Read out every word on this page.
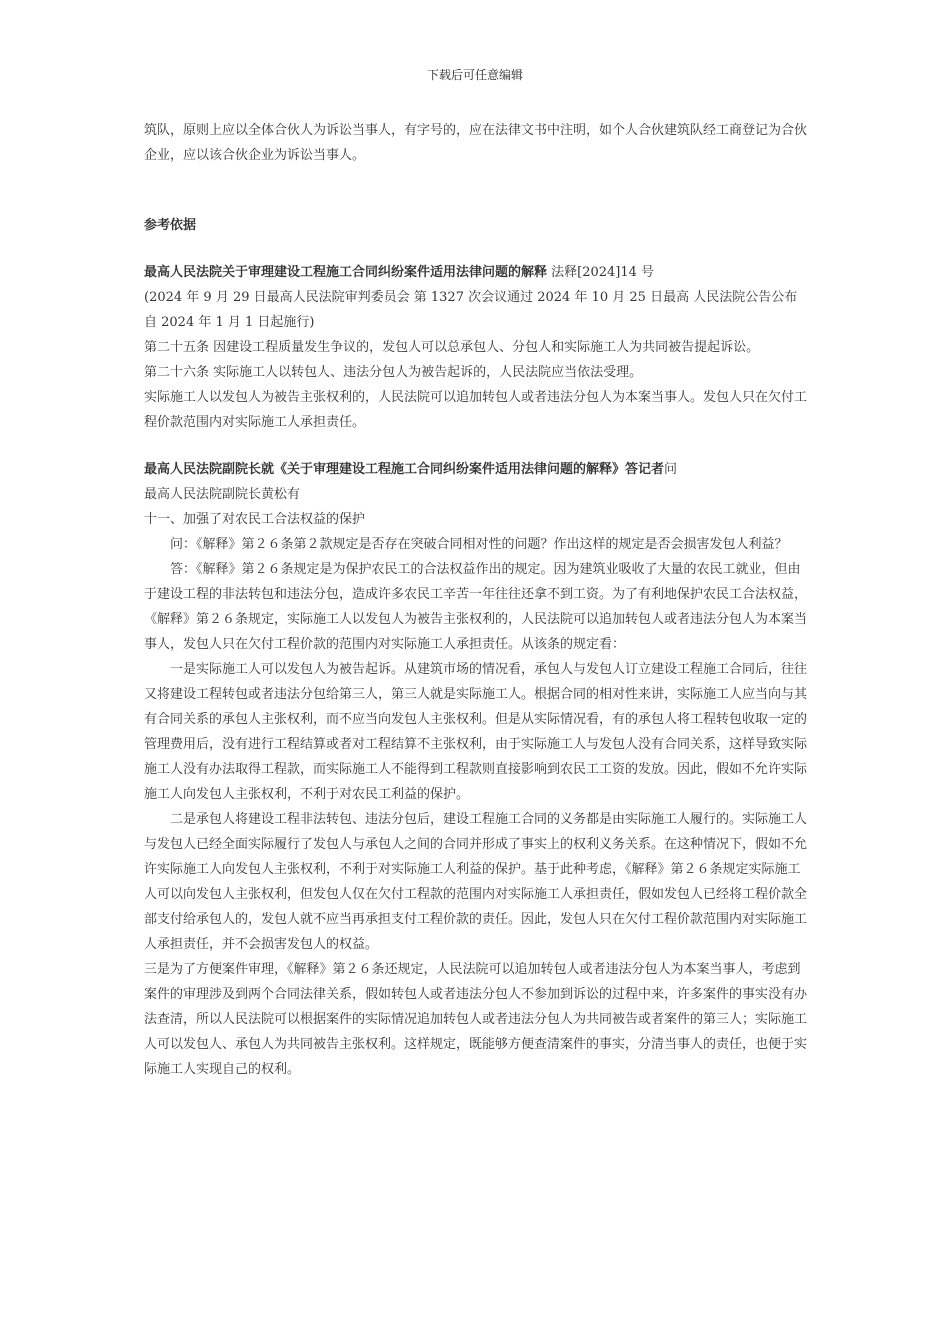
下载后可任意编辑

筑队，原则上应以全体合伙人为诉讼当事人，有字号的，应在法律文书中注明，如个人合伙建筑队经工商登记为合伙企业，应以该合伙企业为诉讼当事人。

参考依据

最高人民法院关于审理建设工程施工合同纠纷案件适用法律问题的解释 法释[2024]14 号

(2024 年 9 月 29 日最高人民法院审判委员会 第 1327 次会议通过 2024 年 10 月 25 日最高 人民法院公告公布 自 2024 年 1 月 1 日起施行)

第二十五条 因建设工程质量发生争议的，发包人可以总承包人、分包人和实际施工人为共同被告提起诉讼。

第二十六条 实际施工人以转包人、违法分包人为被告起诉的，人民法院应当依法受理。

实际施工人以发包人为被告主张权利的，人民法院可以追加转包人或者违法分包人为本案当事人。发包人只在欠付工程价款范围内对实际施工人承担责任。

最高人民法院副院长就《关于审理建设工程施工合同纠纷案件适用法律问题的解释》答记者问

最高人民法院副院长黄松有

十一、加强了对农民工合法权益的保护

问：《解释》第２６条第２款规定是否存在突破合同相对性的问题？作出这样的规定是否会损害发包人利益？

答：《解释》第２６条规定是为保护农民工的合法权益作出的规定。因为建筑业吸收了大量的农民工就业，但由于建设工程的非法转包和违法分包，造成许多农民工辛苦一年往往还拿不到工资。为了有利地保护农民工合法权益，《解释》第２６条规定，实际施工人以发包人为被告主张权利的，人民法院可以追加转包人或者违法分包人为本案当事人，发包人只在欠付工程价款的范围内对实际施工人承担责任。从该条的规定看：

一是实际施工人可以发包人为被告起诉。从建筑市场的情况看，承包人与发包人订立建设工程施工合同后，往往又将建设工程转包或者违法分包给第三人，第三人就是实际施工人。根据合同的相对性来讲，实际施工人应当向与其有合同关系的承包人主张权利，而不应当向发包人主张权利。但是从实际情况看，有的承包人将工程转包收取一定的管理费用后，没有进行工程结算或者对工程结算不主张权利，由于实际施工人与发包人没有合同关系，这样导致实际施工人没有办法取得工程款，而实际施工人不能得到工程款则直接影响到农民工工资的发放。因此，假如不允许实际施工人向发包人主张权利，不利于对农民工利益的保护。

二是承包人将建设工程非法转包、违法分包后，建设工程施工合同的义务都是由实际施工人履行的。实际施工人与发包人已经全面实际履行了发包人与承包人之间的合同并形成了事实上的权利义务关系。在这种情况下，假如不允许实际施工人向发包人主张权利，不利于对实际施工人利益的保护。基于此种考虑，《解释》第２６条规定实际施工人可以向发包人主张权利，但发包人仅在欠付工程款的范围内对实际施工人承担责任，假如发包人已经将工程价款全部支付给承包人的，发包人就不应当再承担支付工程价款的责任。因此，发包人只在欠付工程价款范围内对实际施工人承担责任，并不会损害发包人的权益。

三是为了方便案件审理，《解释》第２６条还规定，人民法院可以追加转包人或者违法分包人为本案当事人，考虑到案件的审理涉及到两个合同法律关系，假如转包人或者违法分包人不参加到诉讼的过程中来，许多案件的事实没有办法查清，所以人民法院可以根据案件的实际情况追加转包人或者违法分包人为共同被告或者案件的第三人；实际施工人可以发包人、承包人为共同被告主张权利。这样规定，既能够方便查清案件的事实，分清当事人的责任，也便于实际施工人实现自己的权利。
